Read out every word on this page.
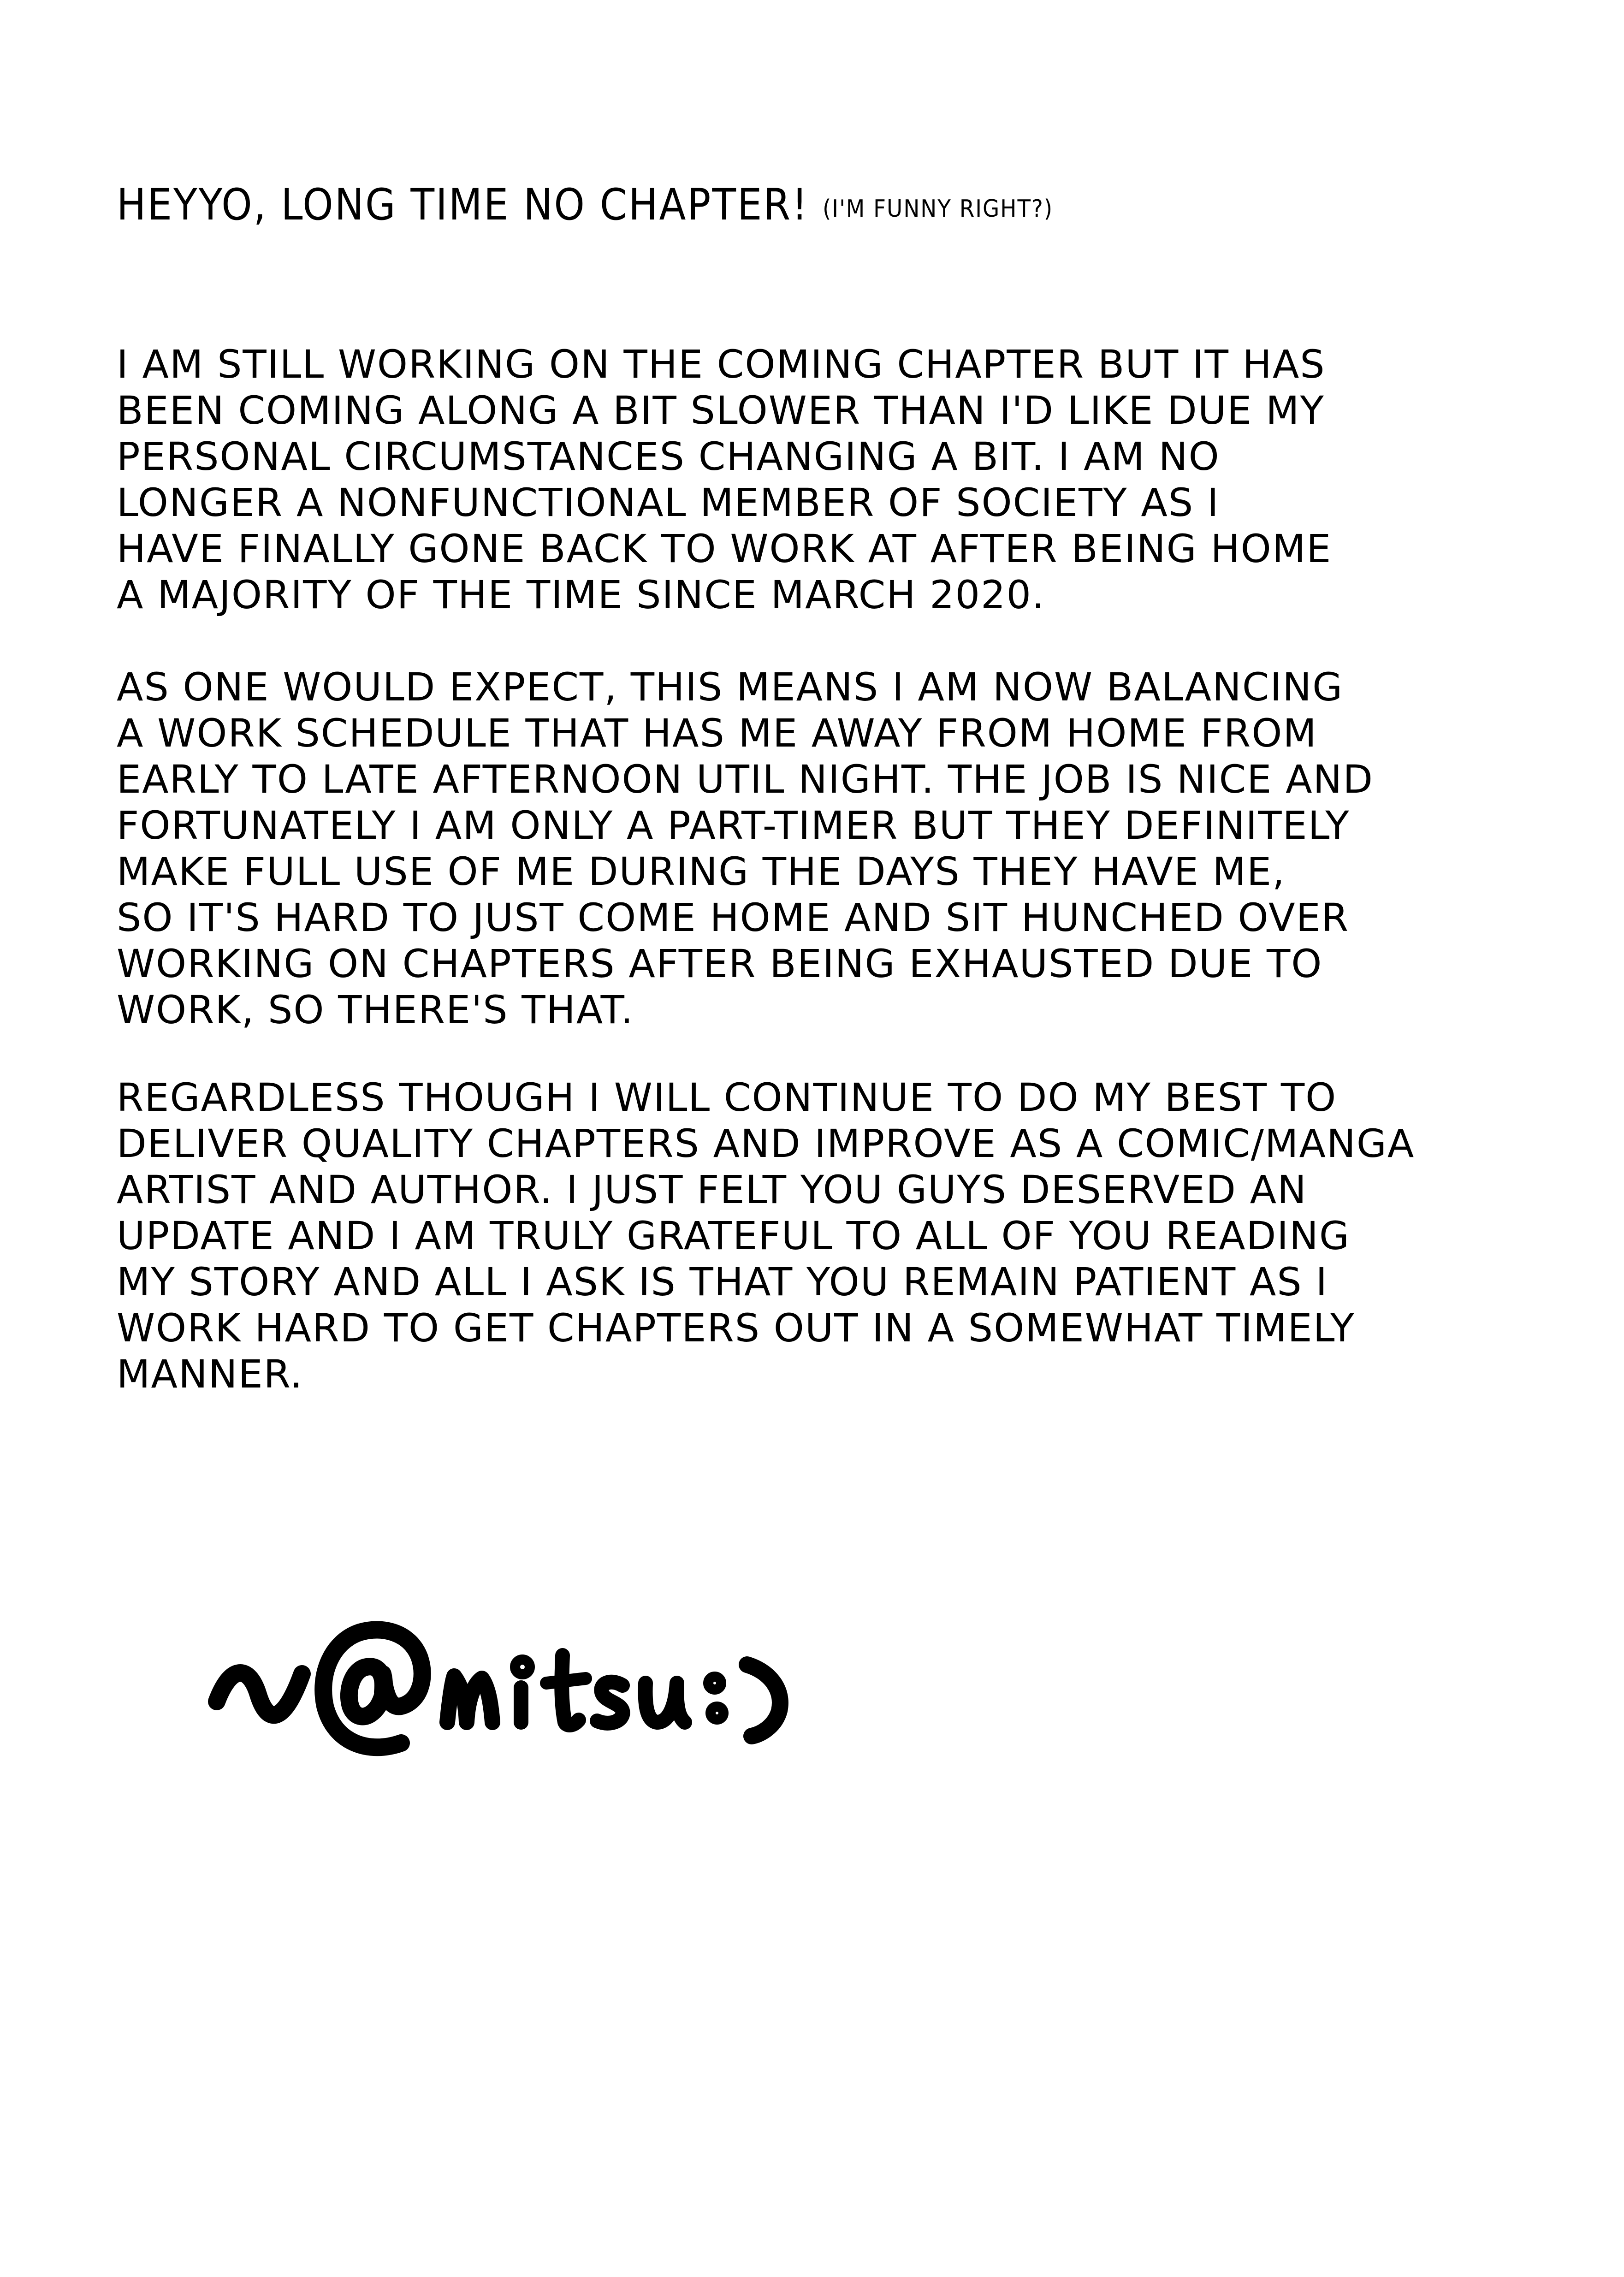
HEYYO, LONG TIME NO CHAPTER! (I'M FUNNY RIGHT?)

I AM STILL WORKING ON THE COMING CHAPTER BUT IT HAS
BEEN COMING ALONG A BIT SLOWER THAN I'D LIKE DUE MY
PERSONAL CIRCUMSTANCES CHANGING A BIT. I AM NO
LONGER A NONFUNCTIONAL MEMBER OF SOCIETY AS I
HAVE FINALLY GONE BACK TO WORK AT AFTER BEING HOME
A MAJORITY OF THE TIME SINCE MARCH 2020.

AS ONE WOULD EXPECT, THIS MEANS I AM NOW BALANCING
A WORK SCHEDULE THAT HAS ME AWAY FROM HOME FROM
EARLY TO LATE AFTERNOON UTIL NIGHT. THE JOB IS NICE AND
FORTUNATELY I AM ONLY A PART-TIMER BUT THEY DEFINITELY
MAKE FULL USE OF ME DURING THE DAYS THEY HAVE ME,
SO IT'S HARD TO JUST COME HOME AND SIT HUNCHED OVER
WORKING ON CHAPTERS AFTER BEING EXHAUSTED DUE TO
WORK, SO THERE'S THAT.

REGARDLESS THOUGH I WILL CONTINUE TO DO MY BEST TO
DELIVER QUALITY CHAPTERS AND IMPROVE AS A COMIC/MANGA
ARTIST AND AUTHOR. I JUST FELT YOU GUYS DESERVED AN
UPDATE AND I AM TRULY GRATEFUL TO ALL OF YOU READING
MY STORY AND ALL I ASK IS THAT YOU REMAIN PATIENT AS I
WORK HARD TO GET CHAPTERS OUT IN A SOMEWHAT TIMELY
MANNER.
